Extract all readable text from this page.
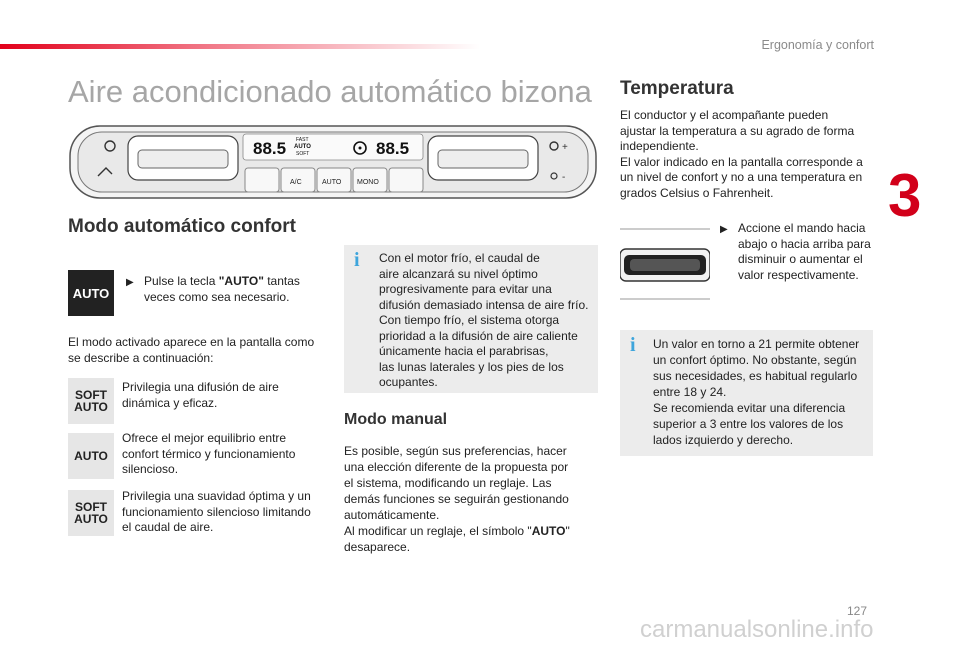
Ergonomía y confort
3
Aire acondicionado automático bizona
88.5 FAST
AUTO
SOFT	88.5
A/C	AUTO MONO
+
-
Modo automático confort
AUTO
▶ Pulse la tecla "AUTO" tantas
veces como sea necesario.
El modo activado aparece en la pantalla como
se describe a continuación:
SOFT
AUTO
Privilegia una difusión de aire
dinámica y eficaz.
AUTO
Ofrece el mejor equilibrio entre
confort térmico y funcionamiento
silencioso.
SOFT
AUTO
Privilegia una suavidad óptima y un
funcionamiento silencioso limitando
el caudal de aire.
i Con el motor frío, el caudal de
aire alcanzará su nivel óptimo
progresivamente para evitar una
difusión demasiado intensa de aire frío.
Con tiempo frío, el sistema otorga
prioridad a la difusión de aire caliente
únicamente hacia el parabrisas,
las lunas laterales y los pies de los
ocupantes.
Modo manual
Es posible, según sus preferencias, hacer
una elección diferente de la propuesta por
el sistema, modificando un reglaje. Las
demás funciones se seguirán gestionando
automáticamente.
Al modificar un reglaje, el símbolo "AUTO"
desaparece.
Temperatura
El conductor y el acompañante pueden
ajustar la temperatura a su agrado de forma
independiente.
El valor indicado en la pantalla corresponde a
un nivel de confort y no a una temperatura en
grados Celsius o Fahrenheit.
▶ Accione el mando hacia
abajo o hacia arriba para
disminuir o aumentar el
valor respectivamente.
i Un valor en torno a 21 permite obtener
un confort óptimo. No obstante, según
sus necesidades, es habitual regularlo
entre 18 y 24.
Se recomienda evitar una diferencia
superior a 3 entre los valores de los
lados izquierdo y derecho.
127
carmanualsonline.info
